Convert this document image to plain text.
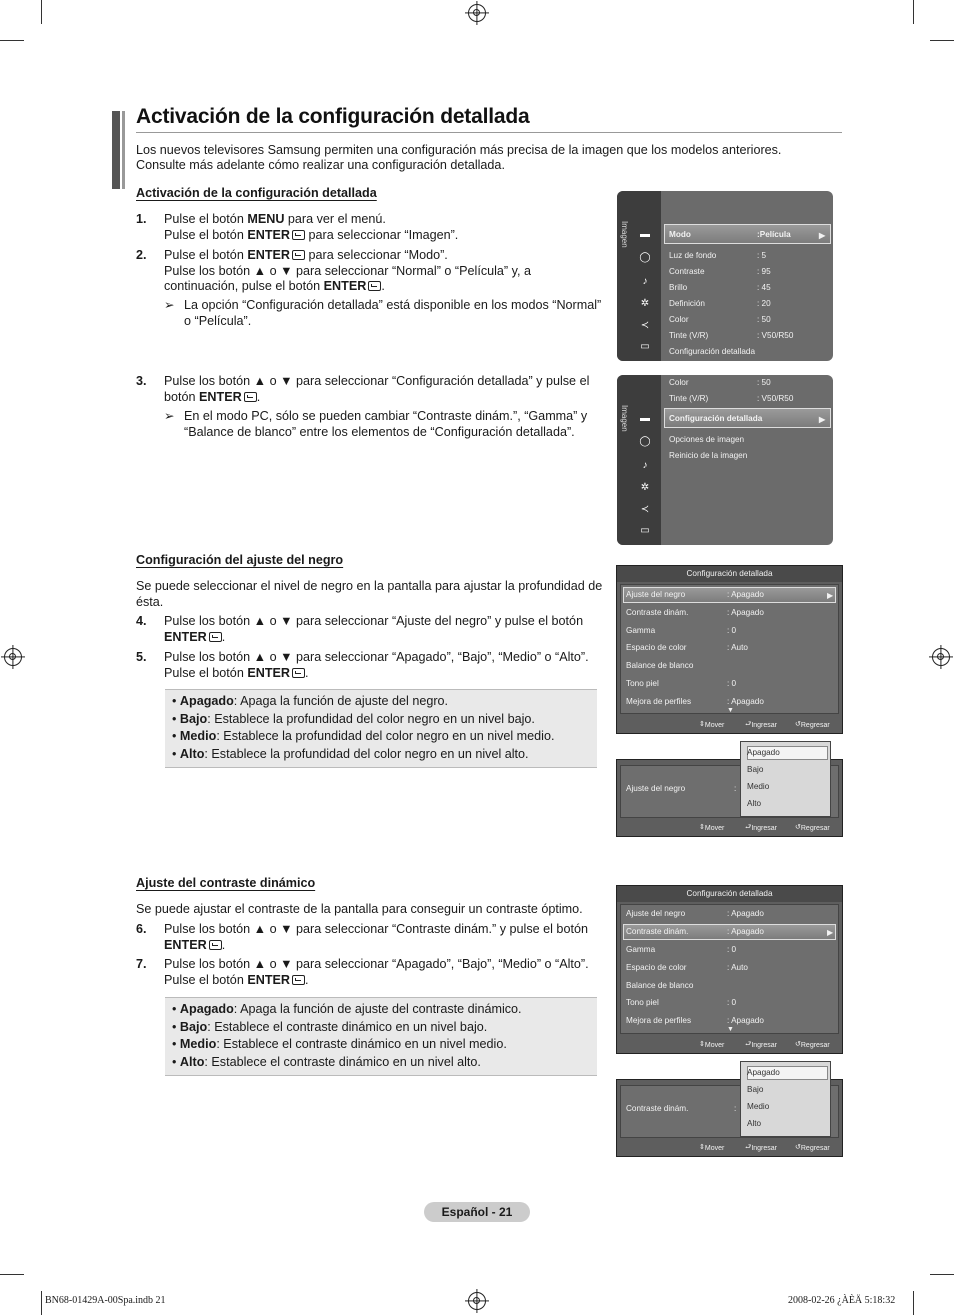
Activación de la configuración detallada
Los nuevos televisores Samsung permiten una configuración más precisa de la imagen que los modelos anteriores. Consulte más adelante cómo realizar una configuración detallada.
Activación de la configuración detallada
1. Pulse el botón MENU para ver el menú.
Pulse el botón ENTER para seleccionar “Imagen”.
2. Pulse el botón ENTER para seleccionar “Modo”.
Pulse los botón ▲ o ▼ para seleccionar “Normal” o “Película” y, a continuación, pulse el botón ENTER .
➢ La opción “Configuración detallada” está disponible en los modos “Normal” o “Película”.
3. Pulse los botón ▲ o ▼ para seleccionar “Configuración detallada” y pulse el botón ENTER .
➢ En el modo PC, sólo se pueden cambiar “Contraste dinám.”, “Gamma” y “Balance de blanco” entre los elementos de “Configuración detallada”.
Configuración del ajuste del negro
Se puede seleccionar el nivel de negro en la pantalla para ajustar la profundidad de ésta.
4. Pulse los botón ▲ o ▼ para seleccionar “Ajuste del negro” y pulse el botón ENTER .
5. Pulse los botón ▲ o ▼ para seleccionar “Apagado”, “Bajo”, “Medio” o “Alto”. Pulse el botón ENTER .
• Apagado: Apaga la función de ajuste del negro.
• Bajo: Establece la profundidad del color negro en un nivel bajo.
• Medio: Establece la profundidad del color negro en un nivel medio.
• Alto: Establece la profundidad del color negro en un nivel alto.
Ajuste del contraste dinámico
Se puede ajustar el contraste de la pantalla para conseguir un contraste óptimo.
6. Pulse los botón ▲ o ▼ para seleccionar “Contraste dinám.” y pulse el botón ENTER .
7. Pulse los botón ▲ o ▼ para seleccionar “Apagado”, “Bajo”, “Medio” o “Alto”. Pulse el botón ENTER .
• Apagado: Apaga la función de ajuste del contraste dinámico.
• Bajo: Establece el contraste dinámico en un nivel bajo.
• Medio: Establece el contraste dinámico en un nivel medio.
• Alto: Establece el contraste dinámico en un nivel alto.
Imagen ▬
◯
♪
✲
≺
▭
Modo	:Película	▶
Luz de fondo	: 5
Contraste	: 95
Brillo	: 45
Definición	: 20
Color	: 50
Tinte (V/R)	: V50/R50
Configuración detallada
Imagen ▬
◯
♪
✲
≺
▭
Color	: 50
Tinte (V/R)	: V50/R50
Configuración detallada	▶
Opciones de imagen
Reinicio de la imagen
Configuración detallada
Ajuste del negro	: Apagado	▶
Contraste dinám.	: Apagado
Gamma	: 0
Espacio de color	: Auto
Balance de blanco
Tono piel	: 0
Mejora de perfiles	: Apagado
▼
⇕ Mover	⮐ Ingresar	↺ Regresar
Ajuste del negro	:
⇕ Mover	⮐ Ingresar	↺ Regresar
Apagado
Bajo
Medio
Alto
Configuración detallada
Ajuste del negro	: Apagado
Contraste dinám.	: Apagado	▶
Gamma	: 0
Espacio de color	: Auto
Balance de blanco
Tono piel	: 0
Mejora de perfiles	: Apagado
▼
⇕ Mover	⮐ Ingresar	↺ Regresar
Contraste dinám.	:
⇕ Mover	⮐ Ingresar	↺ Regresar
Apagado
Bajo
Medio
Alto
Español - 21
BN68-01429A-00Spa.indb 21	2008-02-26 ¿ÀÈÄ 5:18:32
